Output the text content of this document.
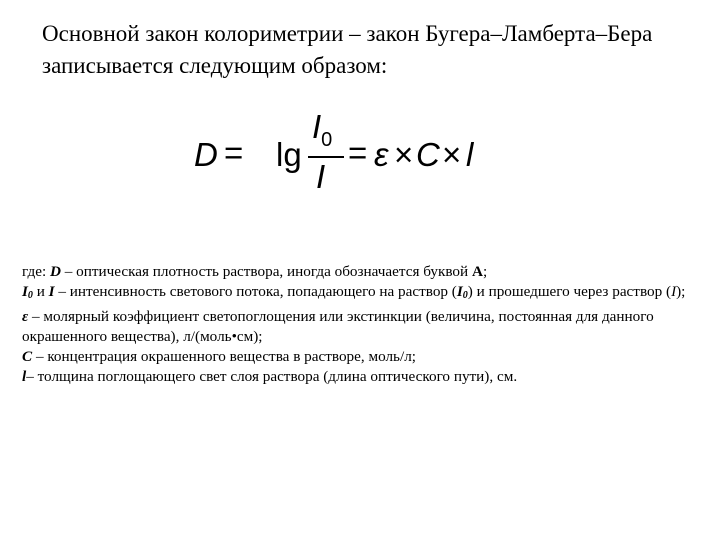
Основной закон колориметрии – закон Бугера–Ламберта–Бера записывается следующим образом:
D = lg
$I_0$
I
= ε × C × l

где: D – оптическая плотность раствора, иногда обозначается буквой А;

I0 и I – интенсивность светового потока, попадающего на раствор (I0) и прошедшего через раствор (I);

ε – молярный коэффициент светопоглощения или экстинкции (величина, постоянная для данного окрашенного вещества), л/(моль•см);

С – концентрация окрашенного вещества в растворе, моль/л;

l– толщина поглощающего свет слоя раствора (длина оптического пути), см.
